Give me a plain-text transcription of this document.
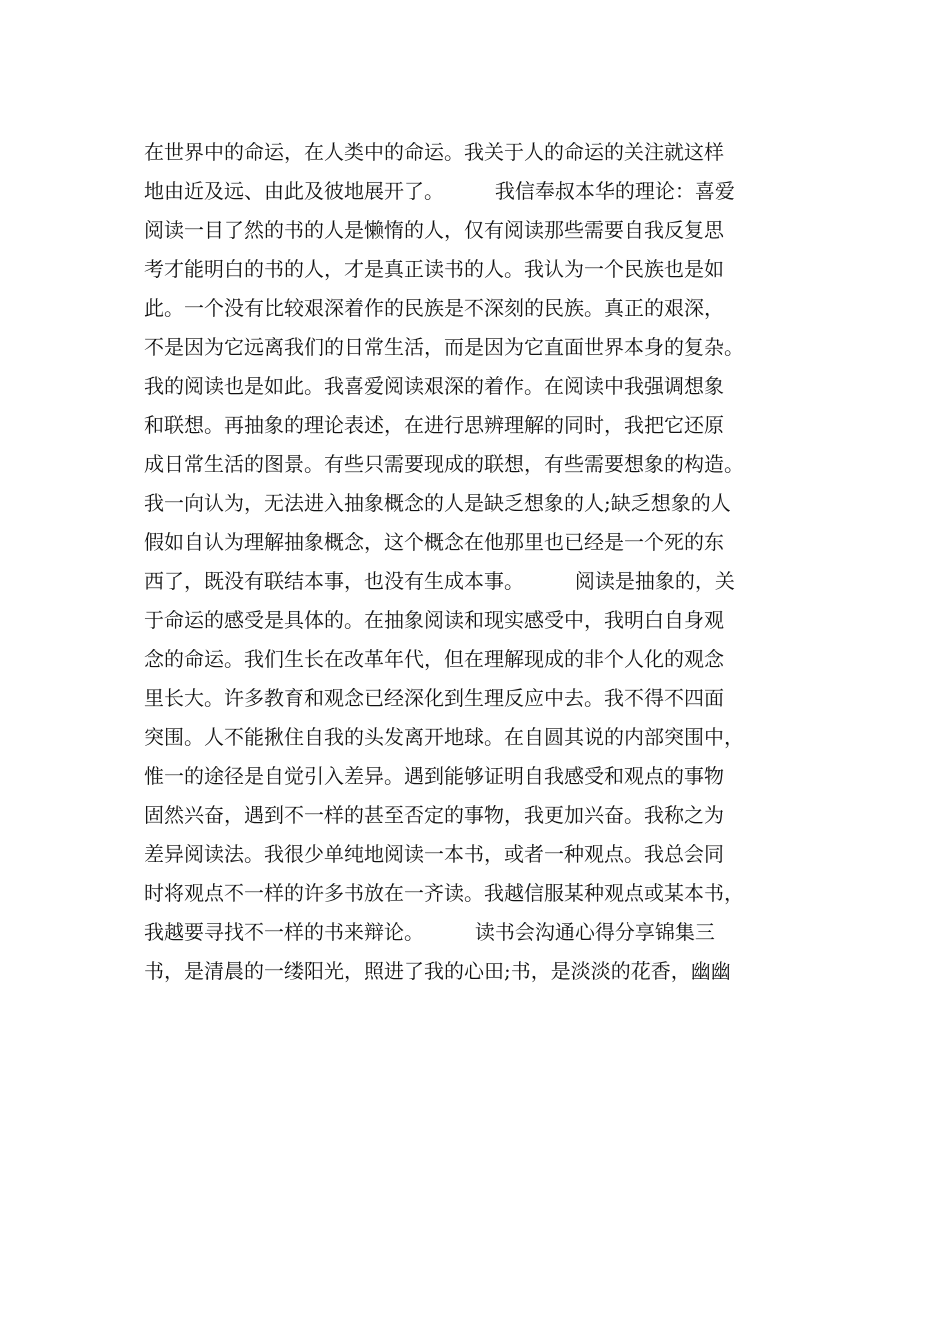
在世界中的命运，在人类中的命运。我关于人的命运的关注就这样

地由近及远、由此及彼地展开了。        我信奉叔本华的理论：喜爱

阅读一目了然的书的人是懒惰的人，仅有阅读那些需要自我反复思

考才能明白的书的人，才是真正读书的人。我认为一个民族也是如

此。一个没有比较艰深着作的民族是不深刻的民族。真正的艰深，

不是因为它远离我们的日常生活，而是因为它直面世界本身的复杂。

我的阅读也是如此。我喜爱阅读艰深的着作。在阅读中我强调想象

和联想。再抽象的理论表述，在进行思辨理解的同时，我把它还原

成日常生活的图景。有些只需要现成的联想，有些需要想象的构造。

我一向认为，无法进入抽象概念的人是缺乏想象的人;缺乏想象的人

假如自认为理解抽象概念，这个概念在他那里也已经是一个死的东

西了，既没有联结本事，也没有生成本事。        阅读是抽象的，关

于命运的感受是具体的。在抽象阅读和现实感受中，我明白自身观

念的命运。我们生长在改革年代，但在理解现成的非个人化的观念

里长大。许多教育和观念已经深化到生理反应中去。我不得不四面

突围。人不能揪住自我的头发离开地球。在自圆其说的内部突围中，

惟一的途径是自觉引入差异。遇到能够证明自我感受和观点的事物

固然兴奋，遇到不一样的甚至否定的事物，我更加兴奋。我称之为

差异阅读法。我很少单纯地阅读一本书，或者一种观点。我总会同

时将观点不一样的许多书放在一齐读。我越信服某种观点或某本书，

我越要寻找不一样的书来辩论。        读书会沟通心得分享锦集三

书，是清晨的一缕阳光，照进了我的心田;书，是淡淡的花香，幽幽
